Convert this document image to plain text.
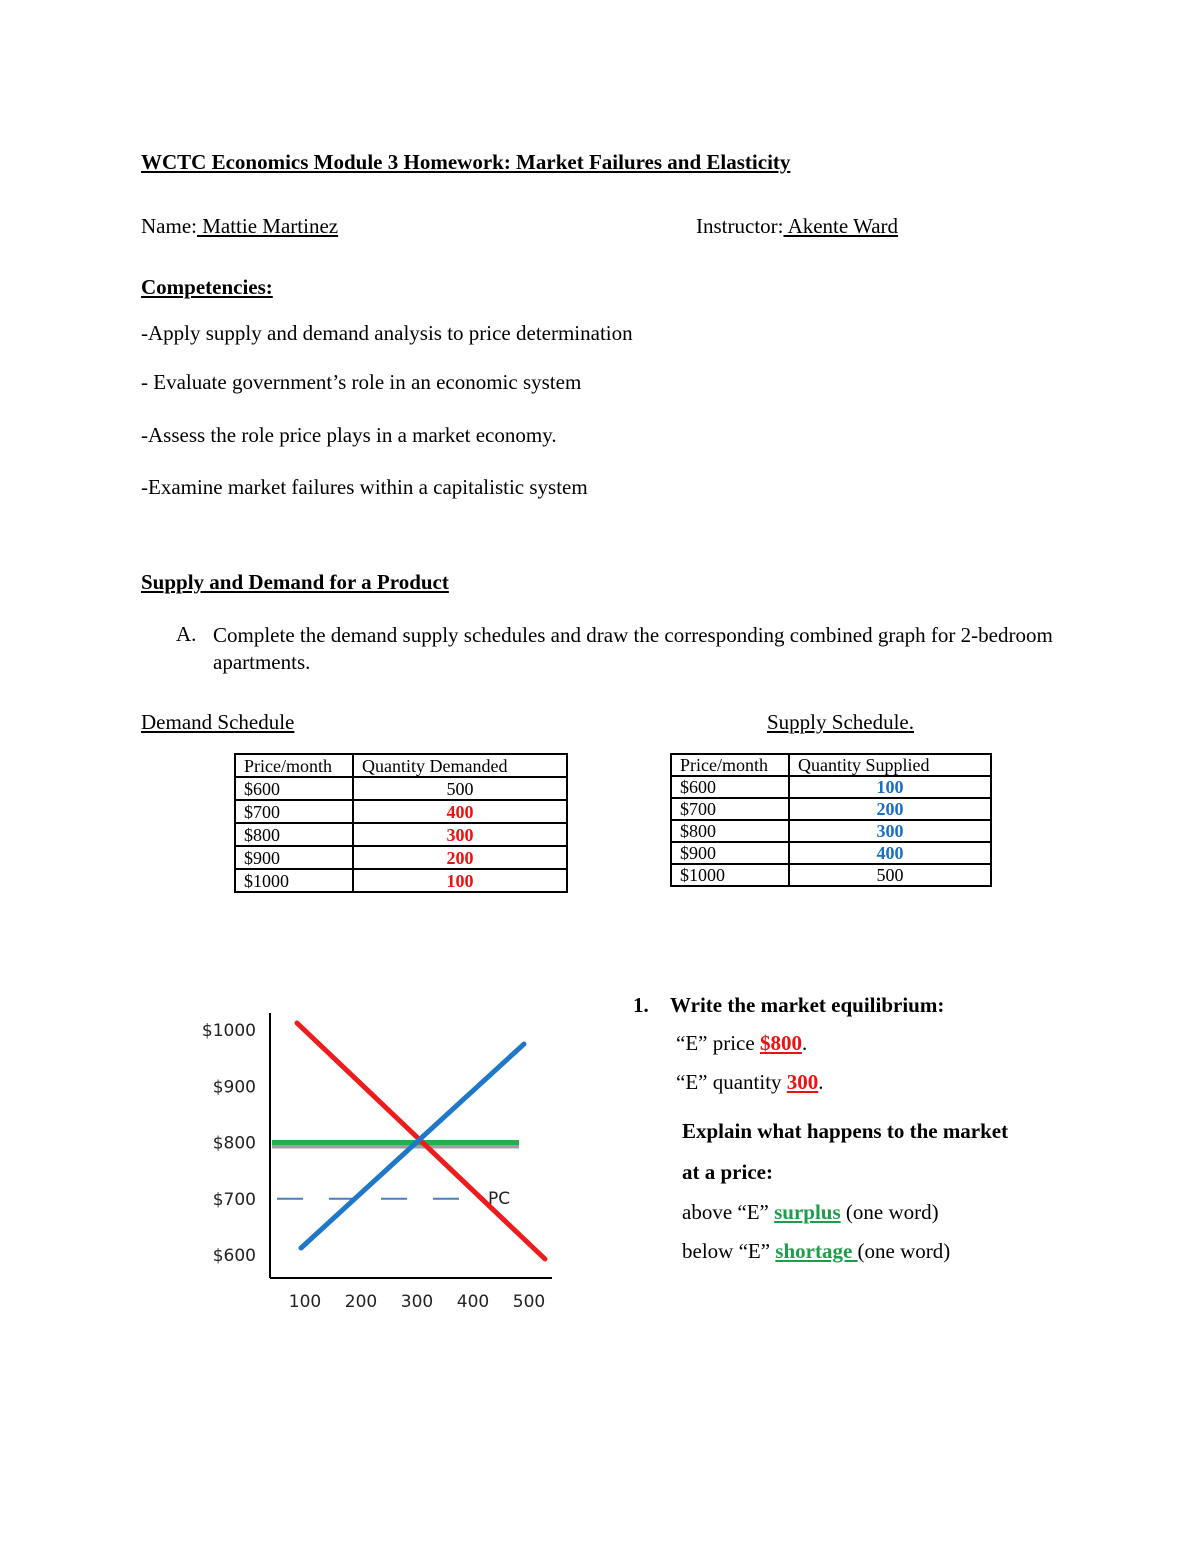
WCTC Economics Module 3 Homework: Market Failures and Elasticity
Name: Mattie Martinez	Instructor: Akente Ward
Competencies:
-Apply supply and demand analysis to price determination
- Evaluate government’s role in an economic system
-Assess the role price plays in a market economy.
-Examine market failures within a capitalistic system
Supply and Demand for a Product
A. Complete the demand supply schedules and draw the corresponding combined graph for 2-bedroom apartments.
Demand Schedule	Supply Schedule.
Price/month	Quantity Demanded
$600	500
$700	400
$800	300
$900	200
$1000	100
Price/month	Quantity Supplied
$600	100
$700	200
$800	300
$900	400
$1000	500
$600
$700
$800
$900
$1000
100 200 300 400 500
PC
1. Write the market equilibrium:
“E” price $800.
“E” quantity 300.
Explain what happens to the market
at a price:
above “E” surplus (one word)
below “E” shortage (one word)
